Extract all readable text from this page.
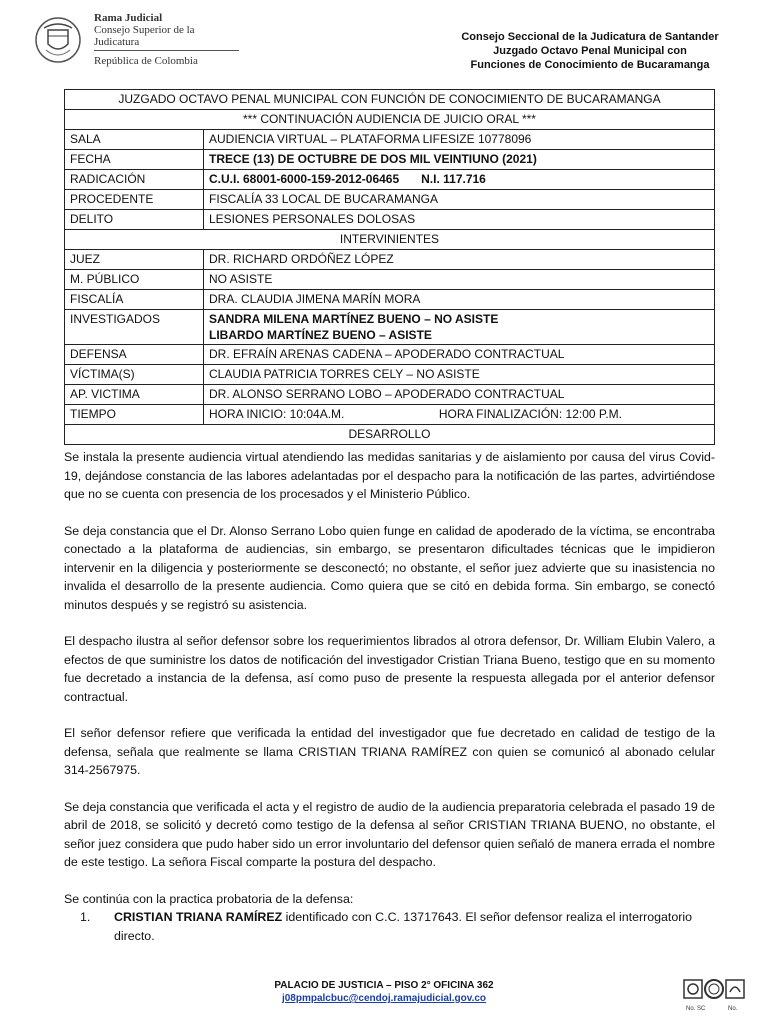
Rama Judicial
Consejo Superior de la Judicatura
República de Colombia
Consejo Seccional de la Judicatura de Santander
Juzgado Octavo Penal Municipal con
Funciones de Conocimiento de Bucaramanga
JUZGADO OCTAVO PENAL MUNICIPAL CON FUNCIÓN DE CONOCIMIENTO DE BUCARAMANGA	
*** CONTINUACIÓN AUDIENCIA DE JUICIO ORAL ***	
SALA	AUDIENCIA VIRTUAL – PLATAFORMA LIFESIZE 10778096
FECHA	TRECE (13) DE OCTUBRE DE DOS MIL VEINTIUNO (2021)
RADICACIÓN	C.U.I. 68001-6000-159-2012-06465 N.I. 117.716
PROCEDENTE	FISCALÍA 33 LOCAL DE BUCARAMANGA
DELITO	LESIONES PERSONALES DOLOSAS
INTERVINIENTES	
JUEZ	DR. RICHARD ORDÓÑEZ LÓPEZ
M. PÚBLICO	NO ASISTE
FISCALÍA	DRA. CLAUDIA JIMENA MARÍN MORA
INVESTIGADOS	SANDRA MILENA MARTÍNEZ BUENO – NO ASISTE
LIBARDO MARTÍNEZ BUENO – ASISTE

DEFENSA	DR. EFRAÍN ARENAS CADENA – APODERADO CONTRACTUAL
VÍCTIMA(S)	CLAUDIA PATRICIA TORRES CELY – NO ASISTE
AP. VICTIMA	DR. ALONSO SERRANO LOBO – APODERADO CONTRACTUAL
TIEMPO	HORA INICIO: 10:04A.M. HORA FINALIZACIÓN: 12:00 P.M.

DESARROLLO	

Se instala la presente audiencia virtual atendiendo las medidas sanitarias y de aislamiento por causa del virus Covid-19, dejándose constancia de las labores adelantadas por el despacho para la notificación de las partes, advirtiéndose que no se cuenta con presencia de los procesados y el Ministerio Público.

Se deja constancia que el Dr. Alonso Serrano Lobo quien funge en calidad de apoderado de la víctima, se encontraba conectado a la plataforma de audiencias, sin embargo, se presentaron dificultades técnicas que le impidieron intervenir en la diligencia y posteriormente se desconectó; no obstante, el señor juez advierte que su inasistencia no invalida el desarrollo de la presente audiencia. Como quiera que se citó en debida forma. Sin embargo, se conectó minutos después y se registró su asistencia.

El despacho ilustra al señor defensor sobre los requerimientos librados al otrora defensor, Dr. William Elubin Valero, a efectos de que suministre los datos de notificación del investigador Cristian Triana Bueno, testigo que en su momento fue decretado a instancia de la defensa, así como puso de presente la respuesta allegada por el anterior defensor contractual.

El señor defensor refiere que verificada la entidad del investigador que fue decretado en calidad de testigo de la defensa, señala que realmente se llama CRISTIAN TRIANA RAMÍREZ con quien se comunicó al abonado celular 314-2567975.

Se deja constancia que verificada el acta y el registro de audio de la audiencia preparatoria celebrada el pasado 19 de abril de 2018, se solicitó y decretó como testigo de la defensa al señor CRISTIAN TRIANA BUENO, no obstante, el señor juez considera que pudo haber sido un error involuntario del defensor quien señaló de manera errada el nombre de este testigo. La señora Fiscal comparte la postura del despacho.

Se continúa con la practica probatoria de la defensa:

1.	CRISTIAN TRIANA RAMÍREZ identificado con C.C. 13717643. El señor defensor realiza el interrogatorio directo.
PALACIO DE JUSTICIA – PISO 2° OFICINA 362
j08pmpalcbuc@cendoj.ramajudicial.gov.co
No. SC	No.
